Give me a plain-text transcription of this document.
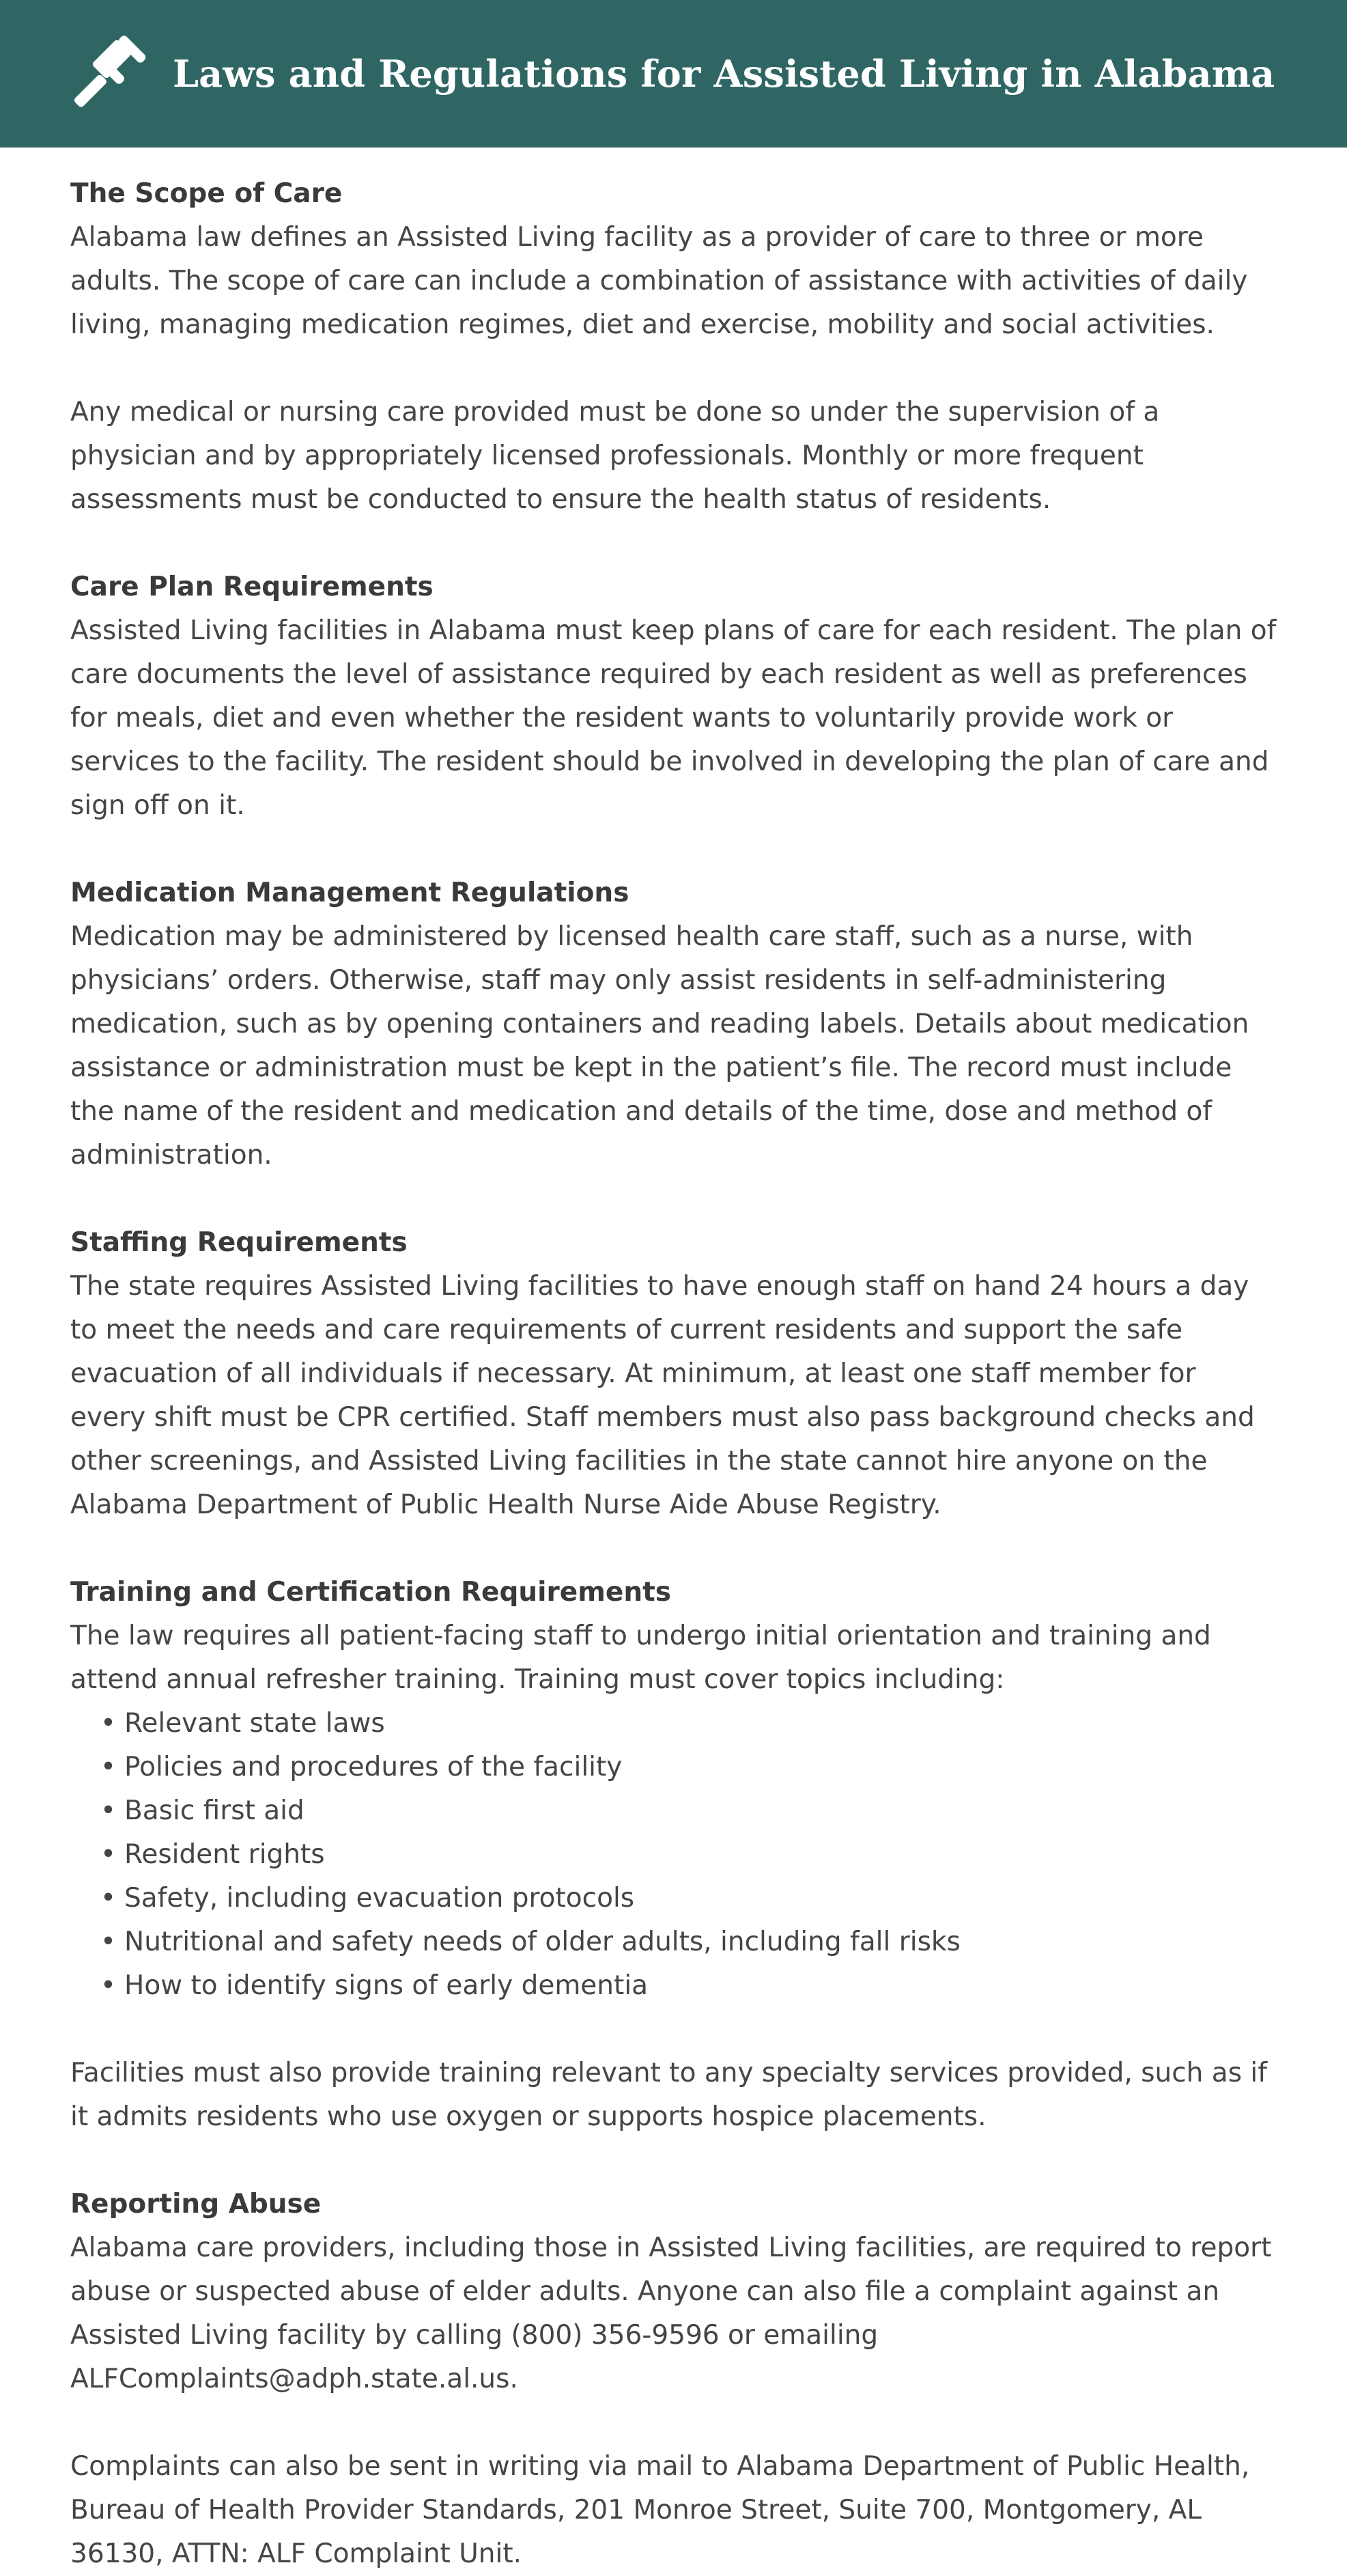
Laws and Regulations for Assisted Living in Alabama
The Scope of Care

Alabama law defines an Assisted Living facility as a provider of care to three or more adults. The scope of care can include a combination of assistance with activities of daily living, managing medication regimes, diet and exercise, mobility and social activities.

Any medical or nursing care provided must be done so under the supervision of a physician and by appropriately licensed professionals. Monthly or more frequent assessments must be conducted to ensure the health status of residents.

Care Plan Requirements

Assisted Living facilities in Alabama must keep plans of care for each resident. The plan of care documents the level of assistance required by each resident as well as preferences for meals, diet and even whether the resident wants to voluntarily provide work or services to the facility. The resident should be involved in developing the plan of care and sign off on it.

Medication Management Regulations

Medication may be administered by licensed health care staff, such as a nurse, with physicians’ orders. Otherwise, staff may only assist residents in self-administering medication, such as by opening containers and reading labels. Details about medication assistance or administration must be kept in the patient’s file. The record must include the name of the resident and medication and details of the time, dose and method of administration.

Staffing Requirements

The state requires Assisted Living facilities to have enough staff on hand 24 hours a day to meet the needs and care requirements of current residents and support the safe evacuation of all individuals if necessary. At minimum, at least one staff member for every shift must be CPR certified. Staff members must also pass background checks and other screenings, and Assisted Living facilities in the state cannot hire anyone on the Alabama Department of Public Health Nurse Aide Abuse Registry.

Training and Certification Requirements

The law requires all patient-facing staff to undergo initial orientation and training and attend annual refresher training. Training must cover topics including:

• Relevant state laws
• Policies and procedures of the facility
• Basic first aid
• Resident rights
• Safety, including evacuation protocols
• Nutritional and safety needs of older adults, including fall risks
• How to identify signs of early dementia

Facilities must also provide training relevant to any specialty services provided, such as if it admits residents who use oxygen or supports hospice placements.

Reporting Abuse

Alabama care providers, including those in Assisted Living facilities, are required to report abuse or suspected abuse of elder adults. Anyone can also file a complaint against an Assisted Living facility by calling (800) 356-9596 or emailing ALFComplaints@adph.state.al.us.

Complaints can also be sent in writing via mail to Alabama Department of Public Health, Bureau of Health Provider Standards, 201 Monroe Street, Suite 700, Montgomery, AL 36130, ATTN: ALF Complaint Unit.
